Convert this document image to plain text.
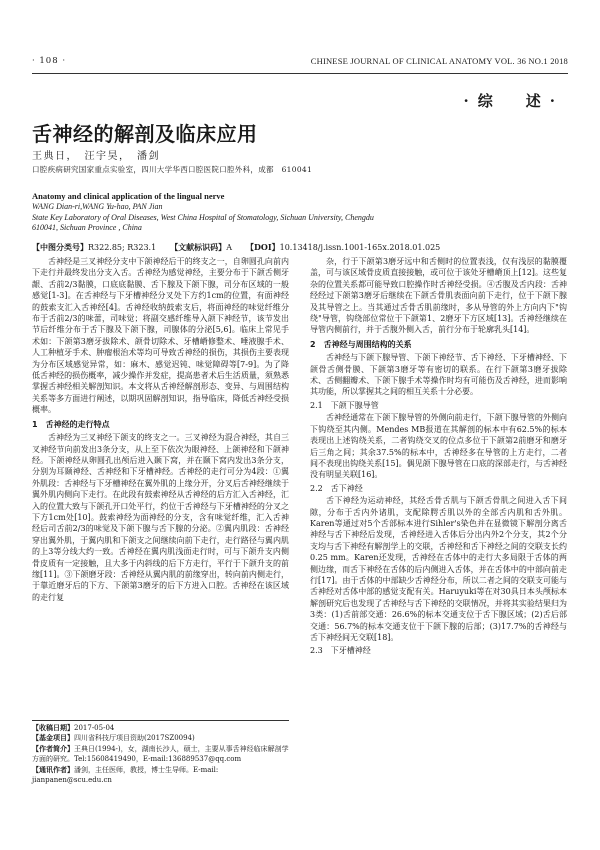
· 108 ·	CHINESE JOURNAL OF CLINICAL ANATOMY VOL. 36 NO.1 2018
·综　述·
舌神经的解剖及临床应用
王典日，　汪宇昊，　潘剑
口腔疾病研究国家重点实验室，四川大学华西口腔医院口腔外科，成都　610041
Anatomy and clinical application of the lingual nerve
WANG Dian-ri,WANG Yu-hao, PAN Jian
State Key Laboratory of Oral Diseases, West China Hospital of Stomatology, Sichuan University, Chengdu
610041, Sichuan Province , China
【中图分类号】R322.85; R323.1 【文献标识码】A 【DOI】10.13418/j.issn.1001-165x.2018.01.025

舌神经是三叉神经分支中下颌神经后干的终支之一，自卵圆孔向前内下走行并最终发出分支入舌。舌神经为感觉神经，主要分布于下颌舌侧牙龈、舌前2/3黏膜，口底底黏膜、舌下腺及下颌下腺，司分布区域的一般感觉[1-3]。在舌神经与下牙槽神经分叉处下方约1cm的位置，有面神经的鼓索支汇入舌神经[4]。舌神经收纳鼓索支后，将面神经的味觉纤维分布于舌前2/3的味蕾，司味觉；将副交感纤维导入颌下神经节，该节发出节后纤维分布于舌下腺及下颌下腺，司腺体的分泌[5,6]。临床上常见手术如：下颌第3磨牙拔除术、颌骨切除术、牙槽嵴修整术、唾液腺手术、人工种植牙手术、肿瘤根治术等均可导致舌神经的损伤，其损伤主要表现为分布区域感觉异常，如：麻木、感觉迟钝、味觉障碍等[7-9]。为了降低舌神经的损伤概率，减少操作并发症，提高患者术后生活质量，须熟悉掌握舌神经相关解剖知识。本文将从舌神经解剖形态、变异、与周围结构关系等多方面进行阐述，以期巩固解剖知识，指导临床，降低舌神经受损概率。

1　舌神经的走行特点

舌神经为三叉神经下颌支的终支之一。三叉神经为混合神经，其自三叉神经节向前发出3条分支，从上至下依次为眼神经、上颌神经和下颌神经。下颌神经从卵圆孔出颅后进入颞下窝，并在颞下窝内发出3条分支，分别为耳颞神经、舌神经和下牙槽神经。舌神经的走行可分为4段：①翼外肌段：舌神经与下牙槽神经在翼外肌的上缘分开，分叉后舌神经继续于翼外肌内侧向下走行。在此段有鼓索神经从舌神经的后方汇入舌神经，汇入的位置大致与下颌孔开口处平行，约位于舌神经与下牙槽神经的分叉之下方1cm处[10]。鼓索神经为面神经的分支，含有味觉纤维，汇入舌神经后司舌前2/3的味觉及下颌下腺与舌下腺的分泌。②翼内肌段：舌神经穿出翼外肌，于翼内肌和下颌支之间继续向前下走行，走行路径与翼内肌的上3等分线大约一致。舌神经在翼内肌浅面走行时，可与下颌升支内侧骨皮质有一定接触，且大多于内斜线的后下方走行，平行于下颌升支的前缘[11]。③下颌磨牙段：舌神经从翼内肌的前缘穿出，转向前内侧走行，于靠近磨牙后的下方、下颌第3磨牙的后下方进入口腔。舌神经在该区域的走行复

杂，行于下颌第3磨牙远中和舌侧时的位置表浅，仅有浅层的黏膜覆盖，可与该区域骨皮质直接接触，或可位于该处牙槽嵴顶上[12]。这些复杂的位置关系都可能导致口腔操作时舌神经受损。④舌腹及舌内段：舌神经经过下颌第3磨牙后继续在下颌舌骨肌表面向前下走行，位于下颌下腺及其导管之上。当其通过舌骨舌肌前缘时，多从导管的外上方向内下"钩绕"导管，钩绕部位常位于下颌第1、2磨牙下方区域[13]。舌神经继续在导管内侧前行，并于舌腹外侧入舌，前行分布于轮廓乳头[14]。

2　舌神经与周围结构的关系

舌神经与下颌下腺导管、下颌下神经节、舌下神经、下牙槽神经、下颌骨舌侧骨膜、下颌第3磨牙等有密切的联系。在行下颌第3磨牙拔除术、舌侧翻瓣术、下颌下腺手术等操作时均有可能伤及舌神经，进而影响其功能，所以掌握其之间的相互关系十分必要。

2.1　下颌下腺导管

舌神经通常在下颌下腺导管的外侧向前走行，下颌下腺导管的外侧向下钩绕至其内侧。Mendes MB报道在其解剖的标本中有62.5%的标本表现出上述钩绕关系，二者钩绕交叉的位点多位于下颌第2前磨牙和磨牙后三角之间；其余37.5%的标本中，舌神经多在导管的上方走行，二者间不表现出钩绕关系[15]。偶见颌下腺导管在口底的深部走行，与舌神经没有明显关联[16]。

2.2　舌下神经

舌下神经为运动神经，其经舌骨舌肌与下颌舌骨肌之间进入舌下间隙，分布于舌内外诸肌，支配除腭舌肌以外的全部舌内肌和舌外肌。Karen等通过对5个舌部标本进行Sihler's染色并在显微镜下解剖分离舌神经与舌下神经后发现，舌神经进入舌体后分出内外2个分支，其2个分支均与舌下神经有解剖学上的交联，舌神经和舌下神经之间的交联支长约0.25 mm。Karen还发现，舌神经在舌体中的走行大多局限于舌体的两侧边缘，而舌下神经在舌体的后内侧进入舌体，并在舌体中的中部向前走行[17]。由于舌体的中部缺少舌神经分布，所以二者之间的交联支可能与舌神经对舌体中部的感觉支配有关。Haruyuki等在对30具日本头颅标本解剖研究后也发现了舌神经与舌下神经的交联情况，并将其实验结果归为3类：(1)舌前部交通：26.6%的标本交通支位于舌下腺区域；(2)舌后部交通：56.7%的标本交通支位于下颌下腺的后部；(3)17.7%的舌神经与舌下神经间无交联[18]。

2.3　下牙槽神经
【收稿日期】2017-05-04
【基金项目】四川省科技厅项目资助(2017SZ0094)
【作者简介】王典日(1994-)，女，湖南长沙人，硕士，主要从事舌神经临床解剖学方面的研究。Tel:15608419490，E-mail:136889537@qq.com
【通讯作者】潘剑，主任医师，教授，博士生导师。E-mail: jianpanen@scu.edu.cn
